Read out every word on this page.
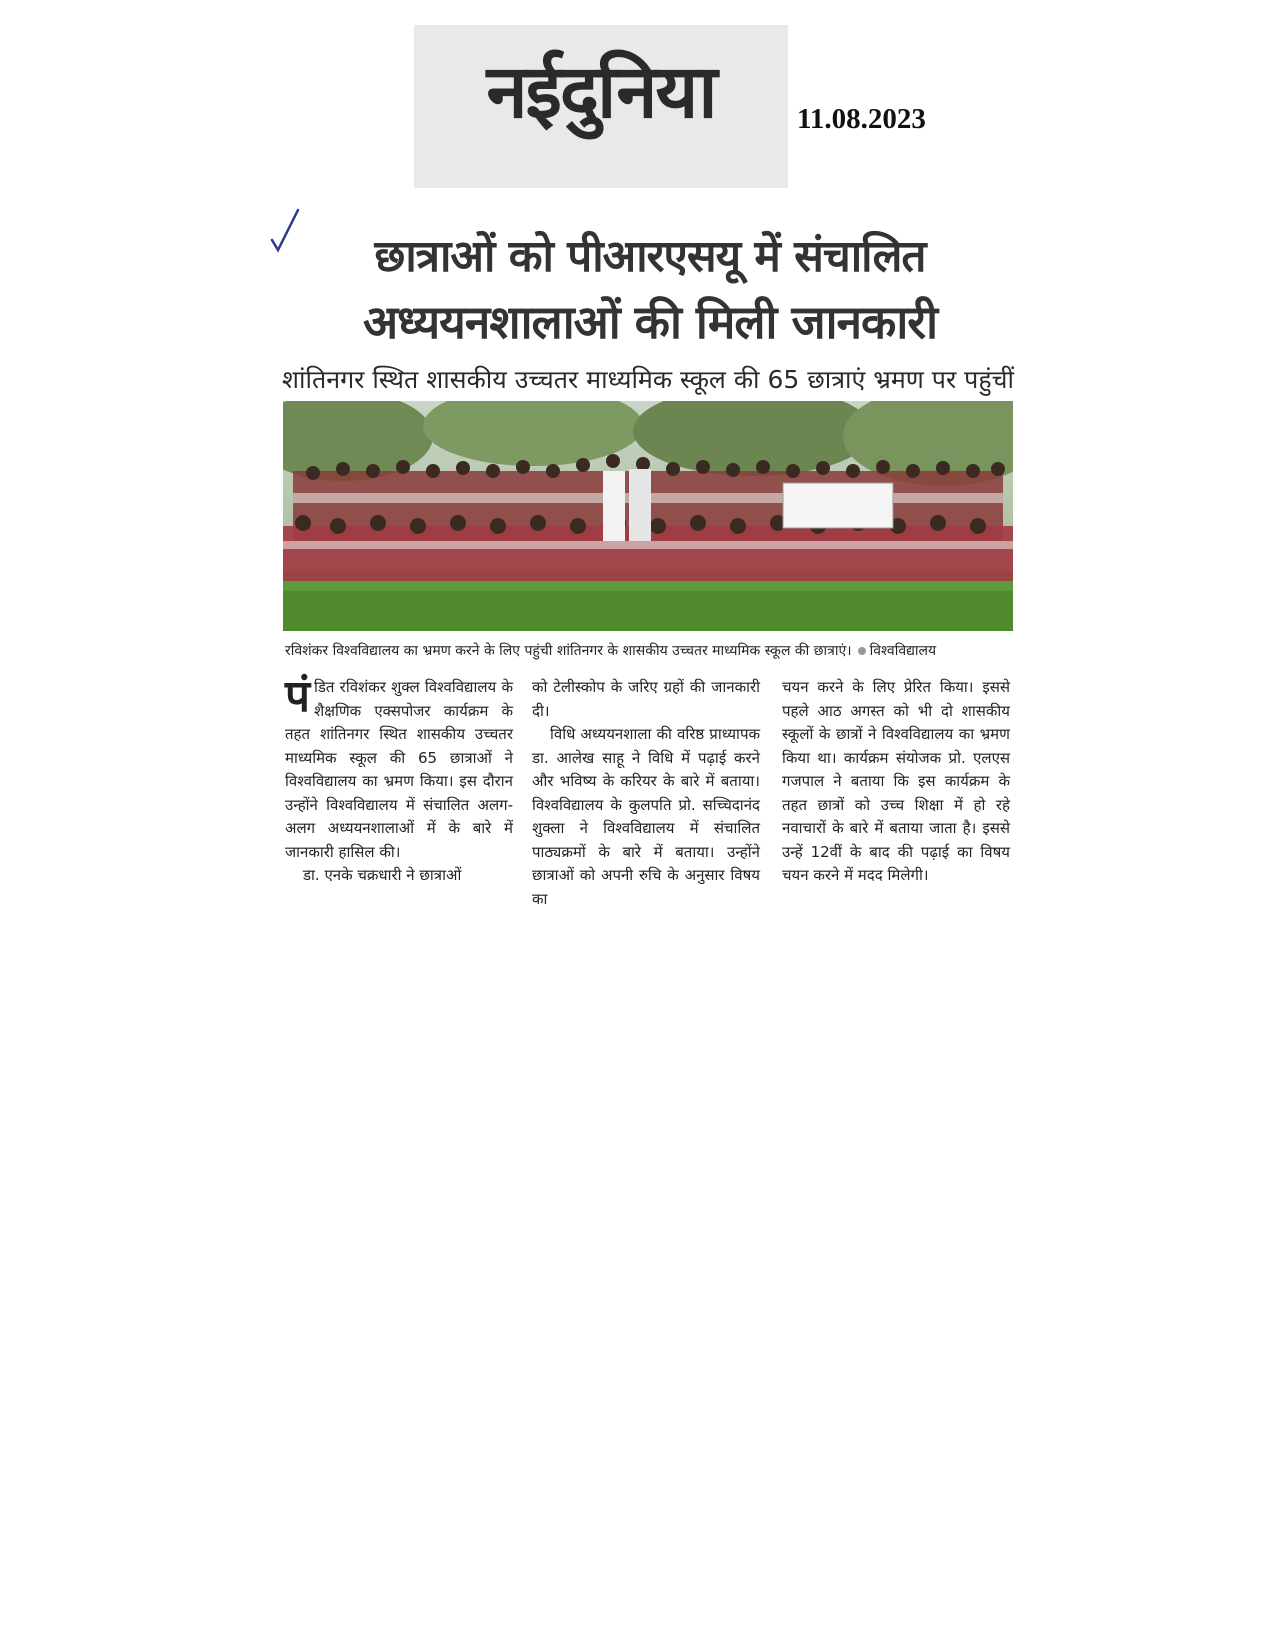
नईदुनिया	11.08.2023
छात्राओं को पीआरएसयू में संचालित
अध्ययनशालाओं की मिली जानकारी
शांतिनगर स्थित शासकीय उच्चतर माध्यमिक स्कूल की 65 छात्राएं भ्रमण पर पहुंचीं
रविशंकर विश्वविद्यालय का भ्रमण करने के लिए पहुंची शांतिनगर के शासकीय उच्चतर माध्यमिक स्कूल की छात्राएं। विश्वविद्यालय

पंडित रविशंकर शुक्ल विश्वविद्यालय के शैक्षणिक एक्सपोजर कार्यक्रम के तहत शांतिनगर स्थित शासकीय उच्चतर माध्यमिक स्कूल की 65 छात्राओं ने विश्वविद्यालय का भ्रमण किया। इस दौरान उन्होंने विश्वविद्यालय में संचालित अलग-अलग अध्ययनशालाओं में के बारे में जानकारी हासिल की।

डा. एनके चक्रधारी ने छात्राओं

को टेलीस्कोप के जरिए ग्रहों की जानकारी दी।

विधि अध्ययनशाला की वरिष्ठ प्राध्यापक डा. आलेख साहू ने विधि में पढ़ाई करने और भविष्य के करियर के बारे में बताया। विश्वविद्यालय के कुलपति प्रो. सच्चिदानंद शुक्ला ने विश्वविद्यालय में संचालित पाठ्यक्रमों के बारे में बताया। उन्होंने छात्राओं को अपनी रुचि के अनुसार विषय का

चयन करने के लिए प्रेरित किया। इससे पहले आठ अगस्त को भी दो शासकीय स्कूलों के छात्रों ने विश्वविद्यालय का भ्रमण किया था। कार्यक्रम संयोजक प्रो. एलएस गजपाल ने बताया कि इस कार्यक्रम के तहत छात्रों को उच्च शिक्षा में हो रहे नवाचारों के बारे में बताया जाता है। इससे उन्हें 12वीं के बाद की पढ़ाई का विषय चयन करने में मदद मिलेगी।
